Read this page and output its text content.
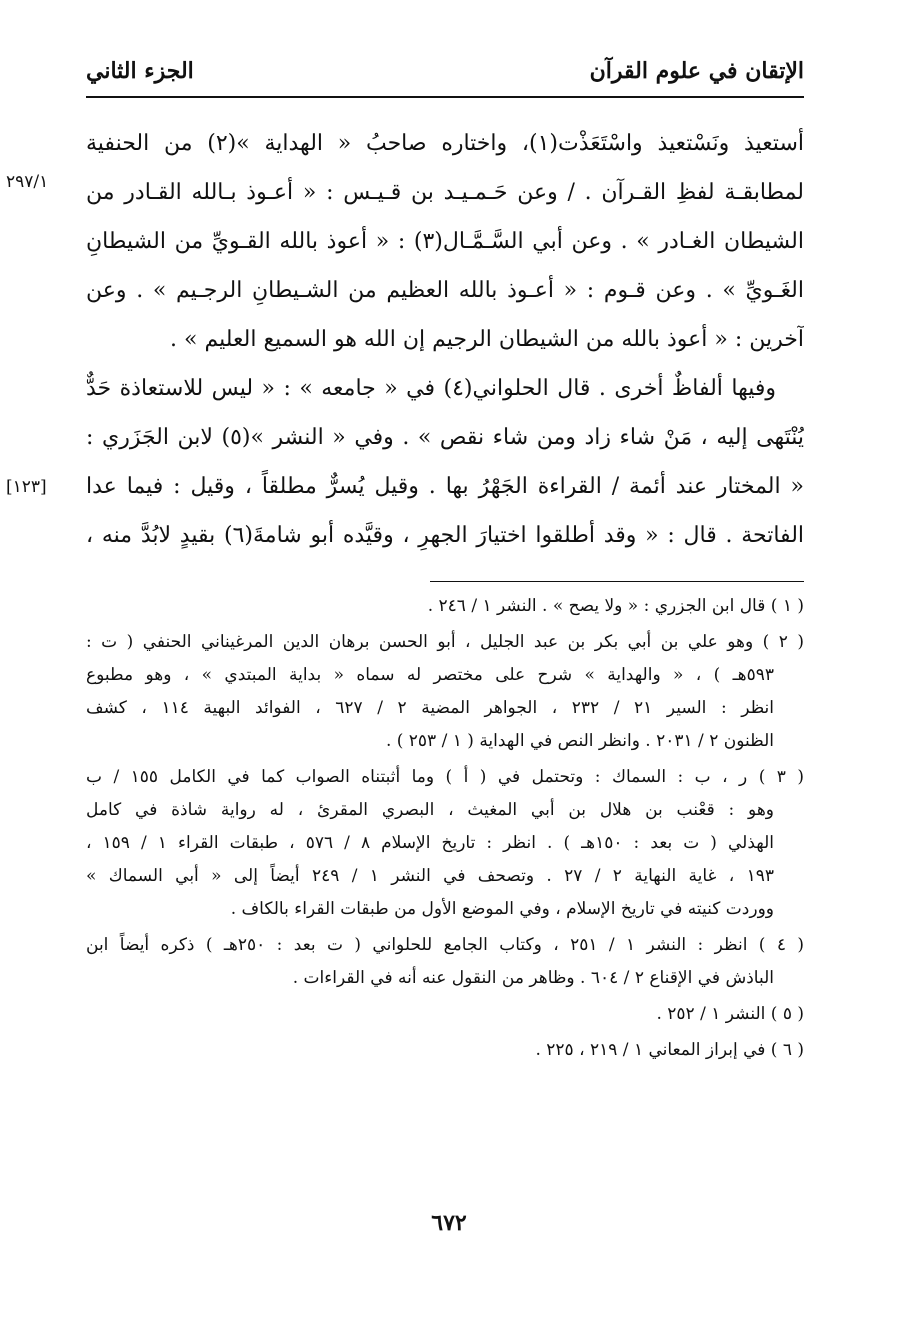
الإتقان في علوم القرآن
الجزء الثاني
٢٩٧/١
[١٢٣]
أستعيذ ونَسْتعيذ واسْتَعَذْت(١)، واختاره صاحبُ « الهداية »(٢) من الحنفية
لمطابقـة لفظِ القـرآن . / وعن حَـمـيـد بن قـيـس : « أعـوذ بـالله القـادر من
الشيطان الغـادر » . وعن أبي السَّـمَّـال(٣) : « أعوذ بالله القـويِّ من الشيطانِ
الغَـويِّ » . وعن قـوم : « أعـوذ بالله العظيم من الشـيطانِ الرجـيم » . وعن
آخرين : « أعوذ بالله من الشيطان الرجيم إن الله هو السميع العليم » .
وفيها ألفاظٌ أخرى . قال الحلواني(٤) في « جامعه » : « ليس للاستعاذة حَدٌّ
يُنْتَهى إليه ، مَنْ شاء زاد ومن شاء نقص » . وفي « النشر »(٥) لابن الجَزَري :
« المختار عند أئمة / القراءة الجَهْرُ بها . وقيل يُسرٌّ مطلقاً ، وقيل : فيما عدا
الفاتحة . قال : « وقد أطلقوا اختيارَ الجهرِ ، وقيَّده أبو شامةَ(٦) بقيدٍ لابُدَّ منه ،
( ١ ) قال ابن الجزري : « ولا يصح » . النشر ١ / ٢٤٦ .
( ٢ ) وهو علي بن أبي بكر بن عبد الجليل ، أبو الحسن برهان الدين المرغيناني الحنفي ( ت :
٥٩٣هـ ) ، « والهداية » شرح على مختصر له سماه « بداية المبتدي » ، وهو مطبوع
انظر : السير ٢١ / ٢٣٢ ، الجواهر المضية ٢ / ٦٢٧ ، الفوائد البهية ١١٤ ، كشف
الظنون ٢ / ٢٠٣١ . وانظر النص في الهداية ( ١ / ٢٥٣ ) .
( ٣ ) ر ، ب : السماك : وتحتمل في ( أ ) وما أثبتناه الصواب كما في الكامل ١٥٥ / ب
وهو : قعْنب بن هلال بن أبي المغيث ، البصري المقرئ ، له رواية شاذة في كامل
الهذلي ( ت بعد : ١٥٠هـ ) . انظر : تاريخ الإسلام ٨ / ٥٧٦ ، طبقات القراء ١ / ١٥٩ ،
١٩٣ ، غاية النهاية ٢ / ٢٧ . وتصحف في النشر ١ / ٢٤٩ أيضاً إلى « أبي السماك »
ووردت كنيته في تاريخ الإسلام ، وفي الموضع الأول من طبقات القراء بالكاف .
( ٤ ) انظر : النشر ١ / ٢٥١ ، وكتاب الجامع للحلواني ( ت بعد : ٢٥٠هـ ) ذكره أيضاً ابن
الباذش في الإقناع ٢ / ٦٠٤ . وظاهر من النقول عنه أنه في القراءات .
( ٥ ) النشر ١ / ٢٥٢ .
( ٦ ) في إبراز المعاني ١ / ٢١٩ ، ٢٢٥ .
٦٧٢
